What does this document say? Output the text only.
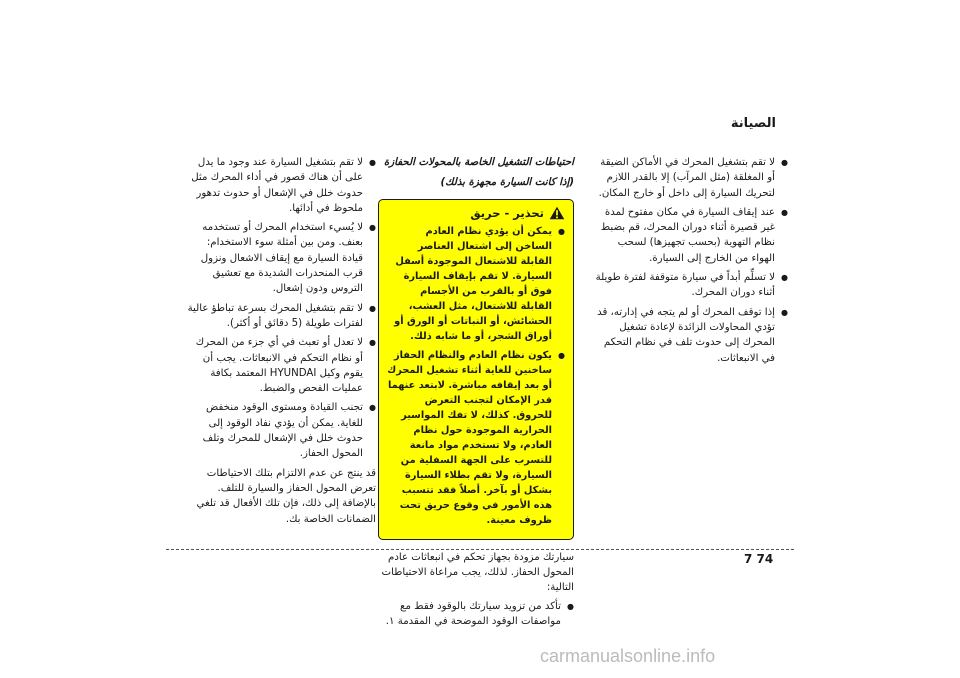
الصيانة
● لا تقم بتشغيل المحرك في الأماكن الضيقة أو المغلقة (مثل المرآب) إلا بالقدر اللازم لتحريك السيارة إلى داخل أو خارج المكان.
● عند إيقاف السيارة في مكان مفتوح لمدة غير قصيرة أثناء دوران المحرك، قم بضبط نظام التهوية (بحسب تجهيزها) لسحب الهواء من الخارج إلى السيارة.
● لا تسلِّم أبداً في سيارة متوقفة لفترة طويلة أثناء دوران المحرك.
● إذا توقف المحرك أو لم يتجه في إدارته، قد تؤدي المحاولات الزائدة لإعادة تشغيل المحرك إلى حدوث تلف في نظام التحكم في الانبعاثات.
احتياطات التشغيل الخاصة بالمحولات الحفازة
(إذا كانت السيارة مجهزة بذلك)
تحذير - حريق
● يمكن أن يؤدي نظام العادم الساخن إلى اشتعال العناصر القابلة للاشتعال الموجودة أسفل السيارة. لا تقم بإيقاف السيارة فوق أو بالقرب من الأجسام القابلة للاشتعال، مثل العشب، الحشائش، أو النباتات أو الورق أو أوراق الشجر، أو ما شابه ذلك.
● يكون نظام العادم والنظام الحفاز ساخنين للغاية أثناء تشغيل المحرك أو بعد إيقافه مباشرة. لابتعد عنهما قدر الإمكان لتجنب التعرض للحروق. كذلك، لا تفك المواسير الحرارية الموجودة حول نظام العادم، ولا تستخدم مواد مانعة للتسرب على الجهة السفلية من السيارة، ولا تقم بطلاء السيارة بشكل أو بآخر. أصلاً فقد تتسبب هذه الأمور في وقوع حريق تحت ظروف معينة.
سيارتك مزودة بجهاز تحكم في انبعاثات عادم المحول الحفاز. لذلك، يجب مراعاة الاحتياطات التالية:
● تأكد من تزويد سيارتك بالوقود فقط مع مواصفات الوقود الموضحة في المقدمة ١.
● لا تقم بتشغيل السيارة عند وجود ما يدل على أن هناك قصور في أداء المحرك مثل حدوث خلل في الإشعال أو حدوث تدهور ملحوظ في أدائها.
● لا يُسيء استخدام المحرك أو تستخدمه بعنف. ومن بين أمثلة سوء الاستخدام: قيادة السيارة مع إيقاف الاشعال ونزول قرب المنحدرات الشديدة مع تعشيق التروس ودون إشعال.
● لا تقم بتشغيل المحرك بسرعة تباطؤ عالية لفترات طويلة (5 دقائق أو أكثر).
● لا تعدل أو تعبث في أي جزء من المحرك أو نظام التحكم في الانبعاثات. يجب أن يقوم وكيل HYUNDAI المعتمد بكافة عمليات الفحص والضبط.
● تجنب القيادة ومستوى الوقود منخفض للغاية. يمكن أن يؤدي نفاد الوقود إلى حدوث خلل في الإشعال للمحرك وتلف المحول الحفاز.
قد ينتج عن عدم الالتزام بتلك الاحتياطات تعرض المحول الحفاز والسيارة للتلف. بالإضافة إلى ذلك، فإن تلك الأفعال قد تلغي الضمانات الخاصة بك.
7 74
carmanualsonline.info
